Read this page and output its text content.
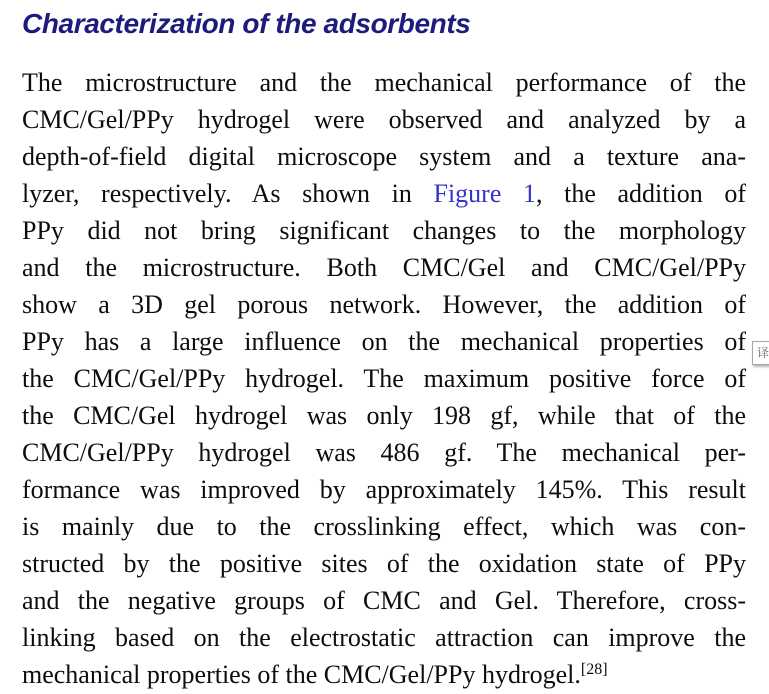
Characterization of the adsorbents
The microstructure and the mechanical performance of the
CMC/Gel/PPy hydrogel were observed and analyzed by a
depth-of-field digital microscope system and a texture ana-
lyzer, respectively. As shown in Figure 1, the addition of
PPy did not bring significant changes to the morphology
and the microstructure. Both CMC/Gel and CMC/Gel/PPy
show a 3D gel porous network. However, the addition of
PPy has a large influence on the mechanical properties of
the CMC/Gel/PPy hydrogel. The maximum positive force of
the CMC/Gel hydrogel was only 198 gf, while that of the
CMC/Gel/PPy hydrogel was 486 gf. The mechanical per-
formance was improved by approximately 145%. This result
is mainly due to the crosslinking effect, which was con-
structed by the positive sites of the oxidation state of PPy
and the negative groups of CMC and Gel. Therefore, cross-
linking based on the electrostatic attraction can improve the
mechanical properties of the CMC/Gel/PPy hydrogel.[28]
译
